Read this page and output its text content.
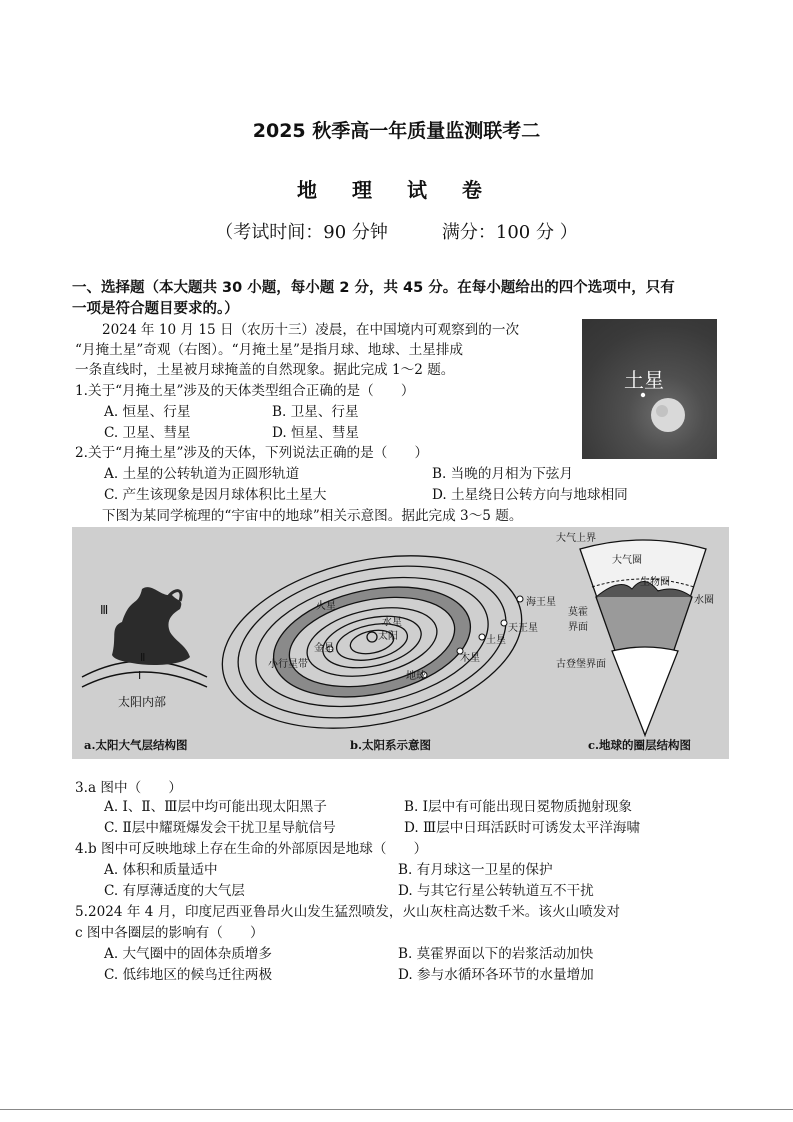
2025 秋季高一年质量监测联考二
地 理 试 卷
（考试时间：90 分钟　　　满分：100 分 ）
一、选择题（本大题共 30 小题，每小题 2 分，共 45 分。在每小题给出的四个选项中，只有
一项是符合题目要求的。）
2024 年 10 月 15 日（农历十三）凌晨，在中国境内可观察到的一次
“月掩土星”奇观（右图）。“月掩土星”是指月球、地球、土星排成
一条直线时，土星被月球掩盖的自然现象。据此完成 1～2 题。	土星
1.关于“月掩土星”涉及的天体类型组合正确的是（　　）
A. 恒星、行星	B. 卫星、行星
C. 卫星、彗星	D. 恒星、彗星
2.关于“月掩土星”涉及的天体，下列说法正确的是（　　）
A. 土星的公转轨道为正圆形轨道	B. 当晚的月相为下弦月
C. 产生该现象是因月球体积比土星大	D. 土星绕日公转方向与地球相同
下图为某同学梳理的“宇宙中的地球”相关示意图。据此完成 3～5 题。
Ⅲ
Ⅱ
Ⅰ
太阳内部
a.太阳大气层结构图
太阳
水星
金星
地球
火星
木星
土星
天王星
海王星
小行星带
b.太阳系示意图
大气上界
大气圈
生物圈
水圈
莫霍界面
古登堡界面
c.地球的圈层结构图
3.a 图中（　　）
A. Ⅰ、Ⅱ、Ⅲ层中均可能出现太阳黑子	B. Ⅰ层中有可能出现日冕物质抛射现象
C. Ⅱ层中耀斑爆发会干扰卫星导航信号	D. Ⅲ层中日珥活跃时可诱发太平洋海啸
4.b 图中可反映地球上存在生命的外部原因是地球（　　）
A. 体积和质量适中	B. 有月球这一卫星的保护
C. 有厚薄适度的大气层	D. 与其它行星公转轨道互不干扰
5.2024 年 4 月，印度尼西亚鲁昂火山发生猛烈喷发，火山灰柱高达数千米。该火山喷发对
c 图中各圈层的影响有（　　）
A. 大气圈中的固体杂质增多	B. 莫霍界面以下的岩浆活动加快
C. 低纬地区的候鸟迁往两极	D. 参与水循环各环节的水量增加
